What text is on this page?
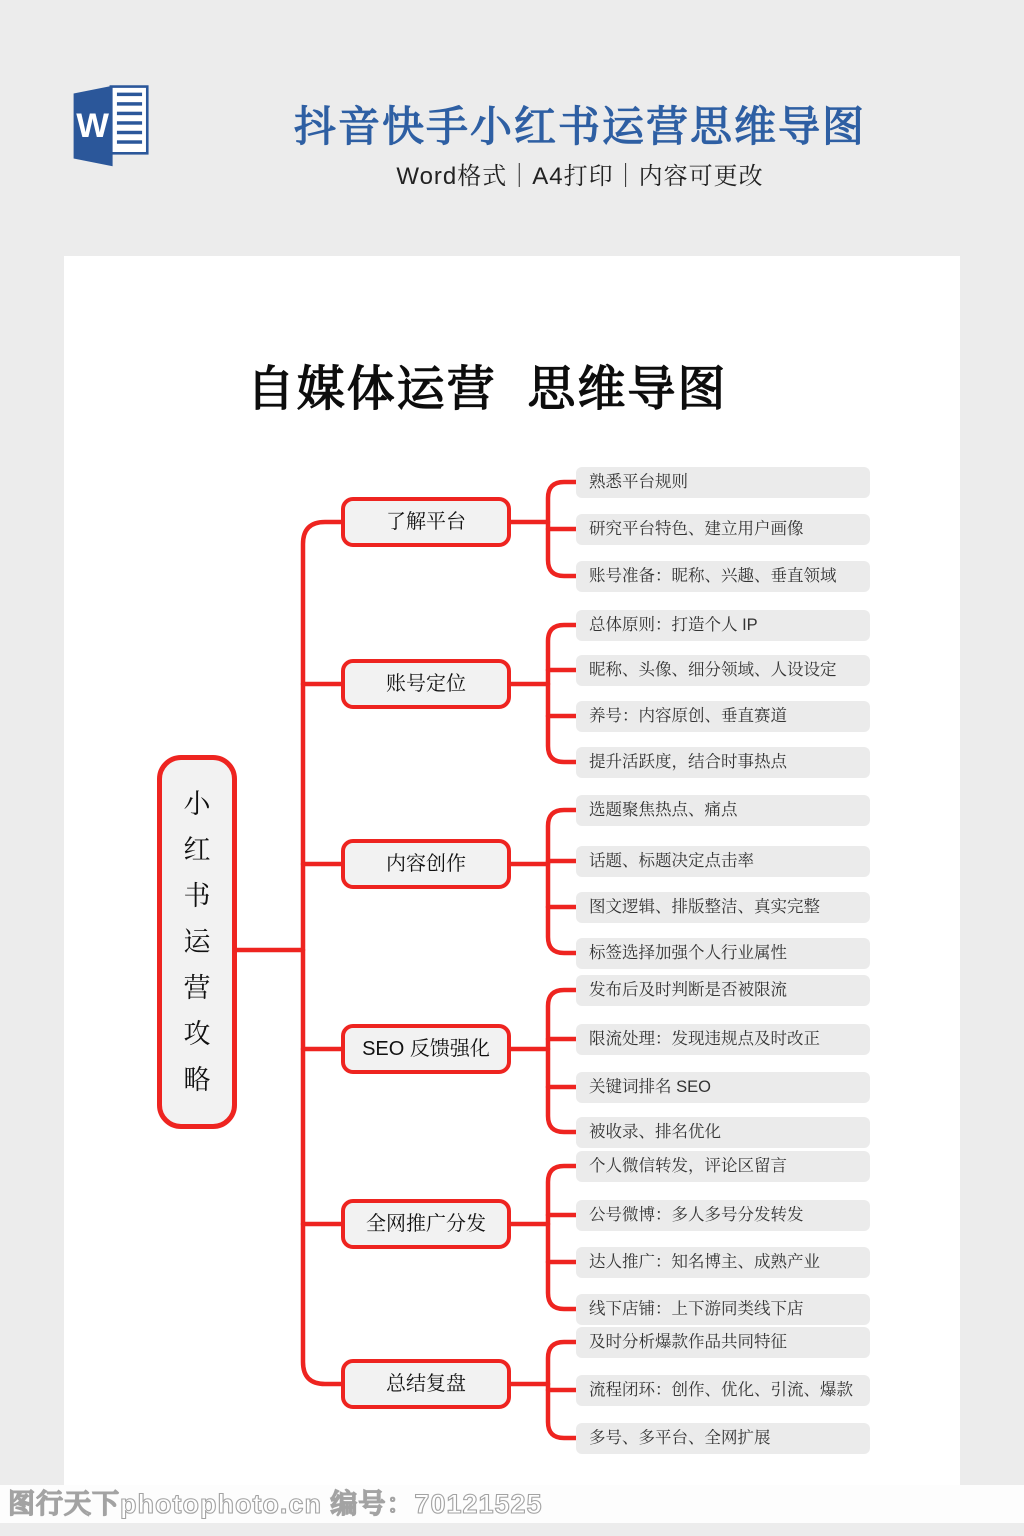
W	抖音快手小红书运营思维导图
Word格式｜A4打印｜内容可更改
自媒体运营  思维导图
小
红
书
运
营
攻
略
了解平台
熟悉平台规则
研究平台特色、建立用户画像
账号准备：昵称、兴趣、垂直领域
账号定位
总体原则：打造个人 IP
昵称、头像、细分领域、人设设定
养号：内容原创、垂直赛道
提升活跃度，结合时事热点
内容创作
选题聚焦热点、痛点
话题、标题决定点击率
图文逻辑、排版整洁、真实完整
标签选择加强个人行业属性
SEO 反馈强化
发布后及时判断是否被限流
限流处理：发现违规点及时改正
关键词排名 SEO
被收录、排名优化
全网推广分发
个人微信转发，评论区留言
公号微博：多人多号分发转发
达人推广：知名博主、成熟产业
线下店铺：上下游同类线下店
总结复盘
及时分析爆款作品共同特征
流程闭环：创作、优化、引流、爆款
多号、多平台、全网扩展
图行天下photophoto.cn 编号：70121525
